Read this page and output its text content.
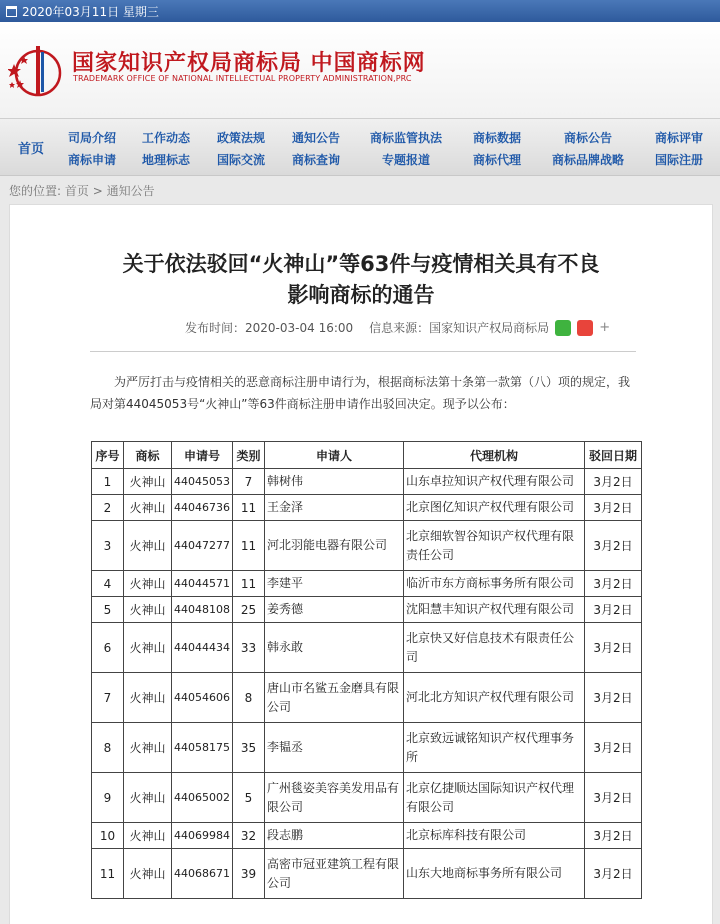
2020年03月11日 星期三
国家知识产权局商标局 中国商标网
TRADEMARK OFFICE OF NATIONAL INTELLECTUAL PROPERTY ADMINISTRATION,PRC
首页
司局介绍
商标申请
工作动态
地理标志
政策法规
国际交流
通知公告
商标查询
商标监管执法
专题报道
商标数据
商标代理
商标公告
商标品牌战略
商标评审
国际注册
您的位置: 首页 > 通知公告
关于依法驳回“火神山”等63件与疫情相关具有不良
影响商标的通告
发布时间： 2020-03-04 16:00 信息来源： 国家知识产权局商标局	+
为严厉打击与疫情相关的恶意商标注册申请行为，根据商标法第十条第一款第（八）项的规定，我局对第44045053号“火神山”等63件商标注册申请作出驳回决定。现予以公布：
序号	商标	申请号	类别	申请人	代理机构	驳回日期
1	火神山	44045053	7	韩树伟	山东卓拉知识产权代理有限公司	3月2日
2	火神山	44046736	11	王金泽	北京图亿知识产权代理有限公司	3月2日
3	火神山	44047277	11	河北羽能电器有限公司	北京细软智谷知识产权代理有限责任公司	3月2日
4	火神山	44044571	11	李建平	临沂市东方商标事务所有限公司	3月2日
5	火神山	44048108	25	姜秀德	沈阳慧丰知识产权代理有限公司	3月2日
6	火神山	44044434	33	韩永敢	北京快又好信息技术有限责任公司	3月2日
7	火神山	44054606	8	唐山市名鲨五金磨具有限公司	河北北方知识产权代理有限公司	3月2日
8	火神山	44058175	35	李韫丞	北京致远诚铭知识产权代理事务所	3月2日
9	火神山	44065002	5	广州毯姿美容美发用品有限公司	北京亿捷顺达国际知识产权代理有限公司	3月2日
10	火神山	44069984	32	段志鹏	北京标库科技有限公司	3月2日
11	火神山	44068671	39	高密市冠亚建筑工程有限公司	山东大地商标事务所有限公司	3月2日
